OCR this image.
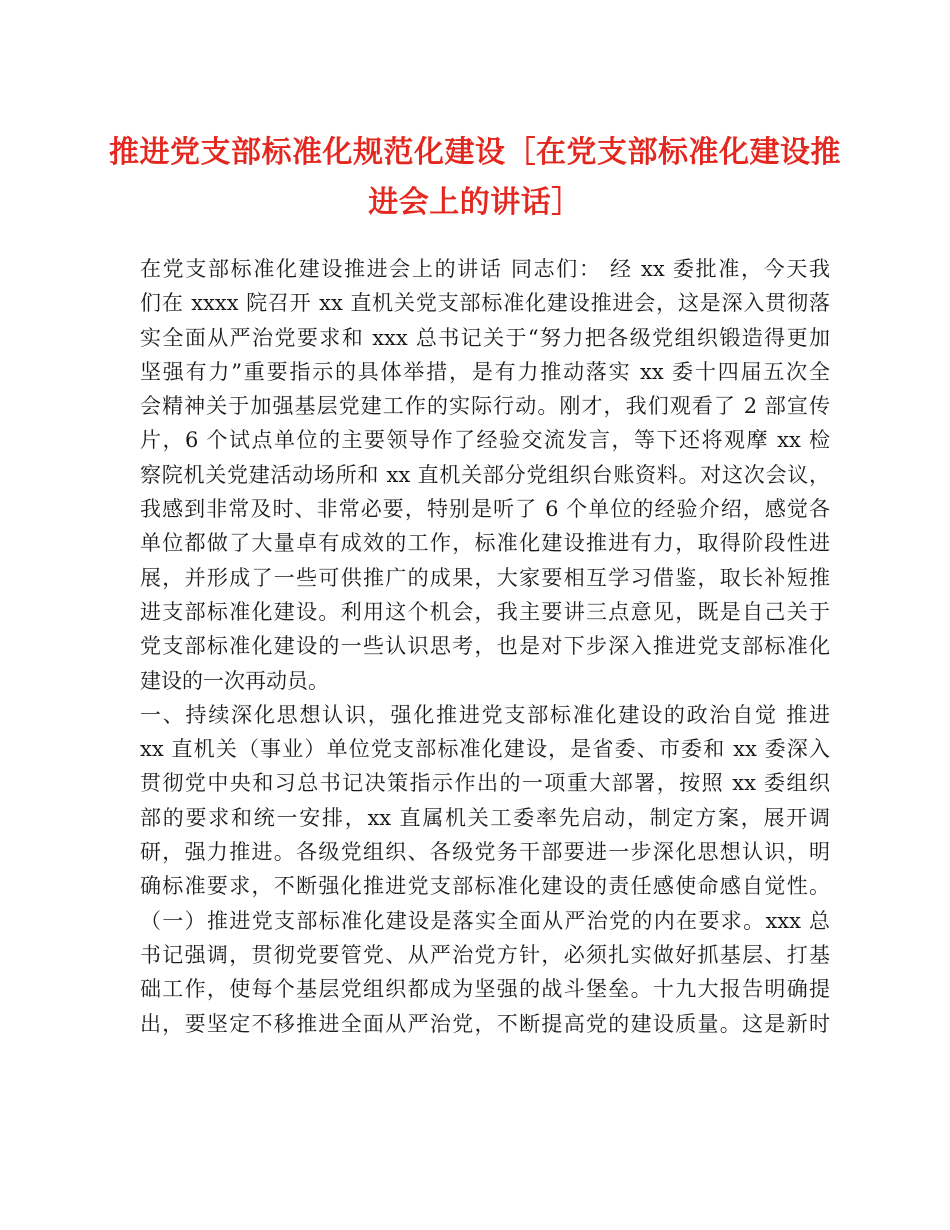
推进党支部标准化规范化建设［在党支部标准化建设推
进会上的讲话］
在党支部标准化建设推进会上的讲话 同志们： 经 xx 委批准，今天我
们在 xxxx 院召开 xx 直机关党支部标准化建设推进会，这是深入贯彻落
实全面从严治党要求和 xxx 总书记关于“努力把各级党组织锻造得更加
坚强有力”重要指示的具体举措，是有力推动落实 xx 委十四届五次全
会精神关于加强基层党建工作的实际行动。刚才，我们观看了 2 部宣传
片，6 个试点单位的主要领导作了经验交流发言，等下还将观摩 xx 检
察院机关党建活动场所和 xx 直机关部分党组织台账资料。对这次会议，
我感到非常及时、非常必要，特别是听了 6 个单位的经验介绍，感觉各
单位都做了大量卓有成效的工作，标准化建设推进有力，取得阶段性进
展，并形成了一些可供推广的成果，大家要相互学习借鉴，取长补短推
进支部标准化建设。利用这个机会，我主要讲三点意见，既是自己关于
党支部标准化建设的一些认识思考，也是对下步深入推进党支部标准化
建设的一次再动员。
一、持续深化思想认识，强化推进党支部标准化建设的政治自觉 推进
xx 直机关（事业）单位党支部标准化建设，是省委、市委和 xx 委深入
贯彻党中央和习总书记决策指示作出的一项重大部署，按照 xx 委组织
部的要求和统一安排，xx 直属机关工委率先启动，制定方案，展开调
研，强力推进。各级党组织、各级党务干部要进一步深化思想认识，明
确标准要求，不断强化推进党支部标准化建设的责任感使命感自觉性。
（一）推进党支部标准化建设是落实全面从严治党的内在要求。xxx 总
书记强调，贯彻党要管党、从严治党方针，必须扎实做好抓基层、打基
础工作，使每个基层党组织都成为坚强的战斗堡垒。十九大报告明确提
出，要坚定不移推进全面从严治党，不断提高党的建设质量。这是新时
